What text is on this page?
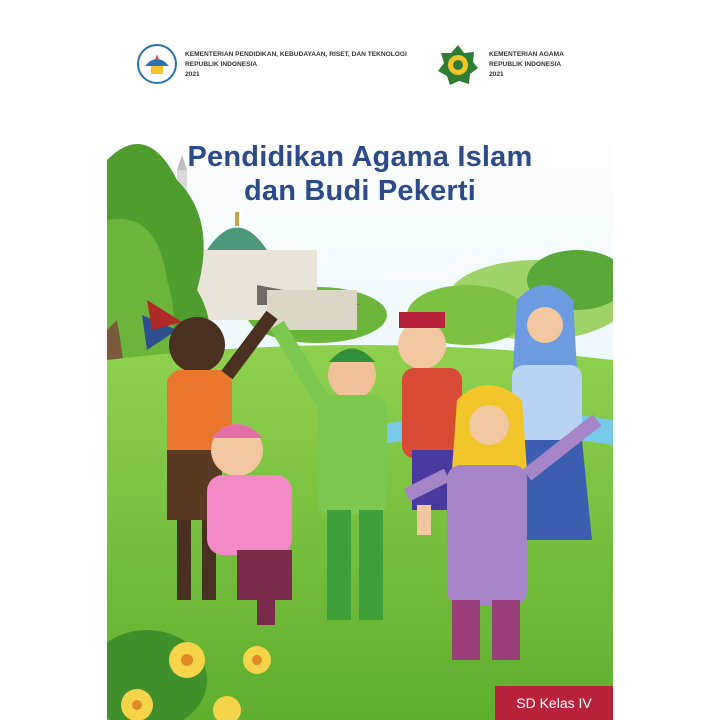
KEMENTERIAN PENDIDIKAN, KEBUDAYAAN, RISET, DAN TEKNOLOGI
REPUBLIK INDONESIA
2021
KEMENTERIAN AGAMA
REPUBLIK INDONESIA
2021
Pendidikan Agama Islam
dan Budi Pekerti
SD Kelas IV
